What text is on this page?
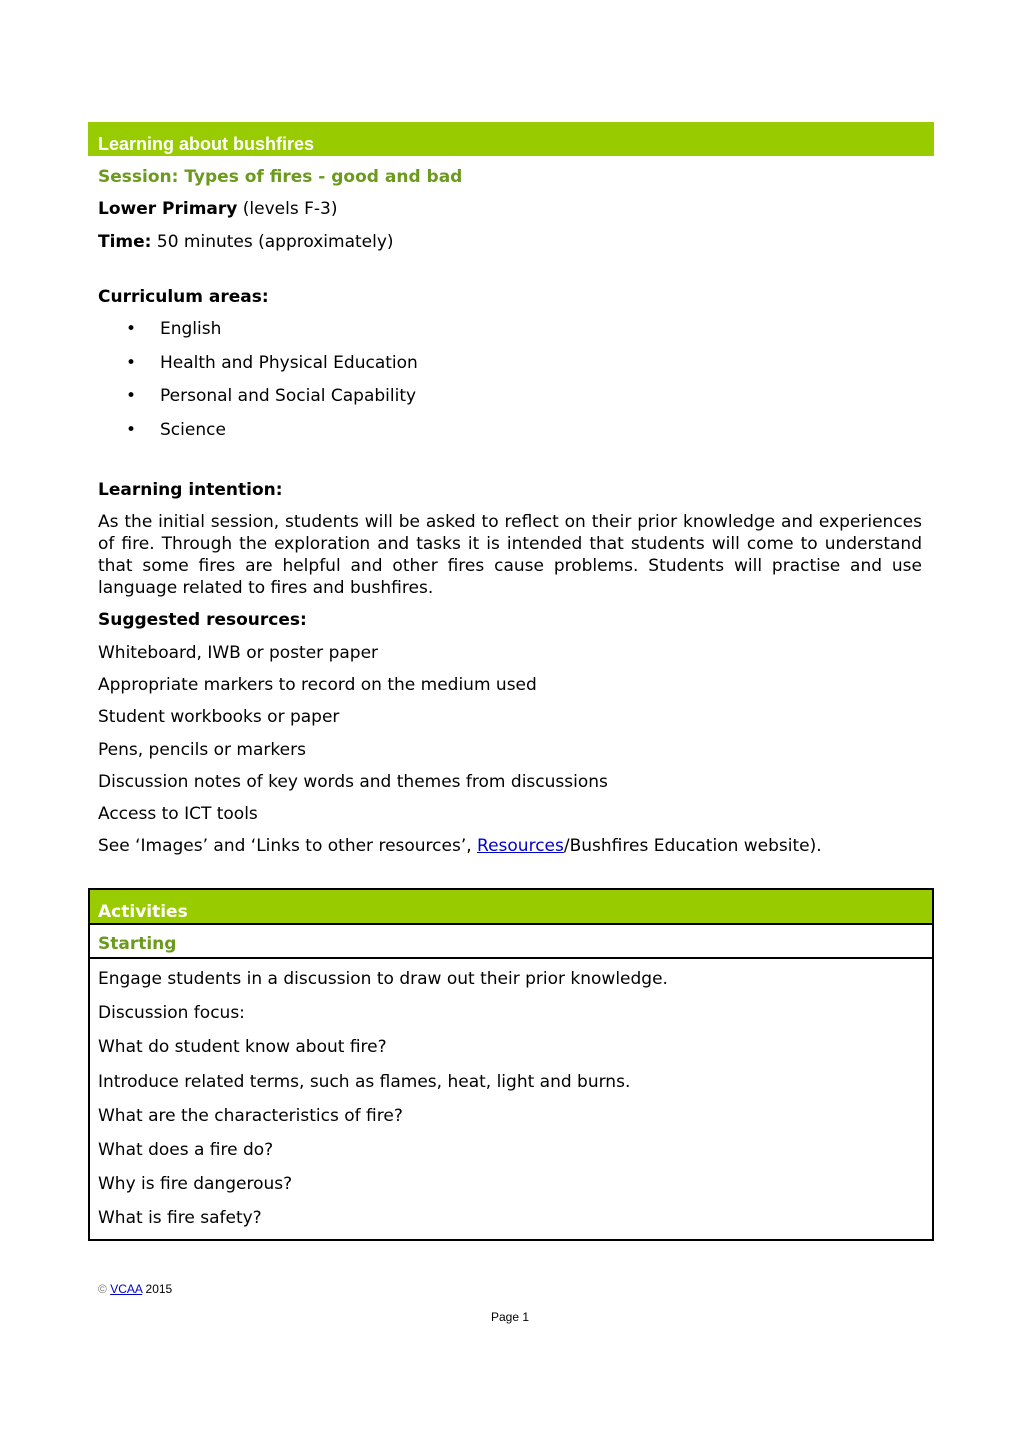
Learning about bushfires
Session: Types of fires - good and bad
Lower Primary (levels F-3)
Time: 50 minutes (approximately)
Curriculum areas:
• English
• Health and Physical Education
• Personal and Social Capability
• Science
Learning intention:
As the initial session, students will be asked to reflect on their prior knowledge and experiences of fire. Through the exploration and tasks it is intended that students will come to understand that some fires are helpful and other fires cause problems. Students will practise and use language related to fires and bushfires.
Suggested resources:
Whiteboard, IWB or poster paper
Appropriate markers to record on the medium used
Student workbooks or paper
Pens, pencils or markers
Discussion notes of key words and themes from discussions
Access to ICT tools
See ‘Images’ and ‘Links to other resources’, Resources/Bushfires Education website).
Activities
Starting
Engage students in a discussion to draw out their prior knowledge.
Discussion focus:
What do student know about fire?
Introduce related terms, such as flames, heat, light and burns.
What are the characteristics of fire?
What does a fire do?
Why is fire dangerous?
What is fire safety?
© VCAA 2015
Page 1
